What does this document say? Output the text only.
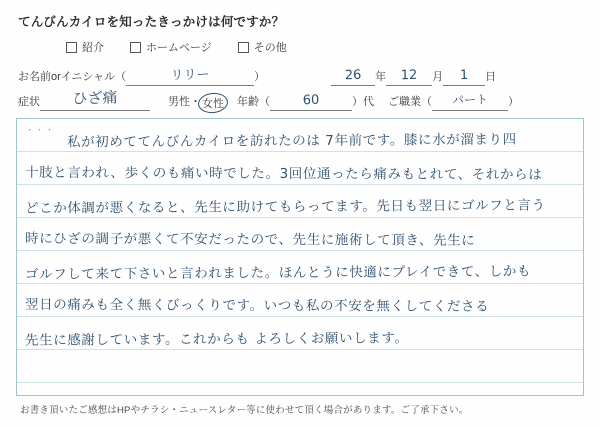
てんびんカイロを知ったきっかけは何ですか？
紹介	ホームページ	その他
お名前orイニシャル（	リリー	）	26 年 12 月 1 日
症状 ひざ痛	男性・ 女性 年齢（	60	）代 ご職業（ パート ）
・・・
私が初めててんびんカイロを訪れたのは 7年前です。膝に水が溜まり四
十肢と言われ、歩くのも痛い時でした。3回位通ったら痛みもとれて、それからは
どこか体調が悪くなると、先生に助けてもらってます。先日も翌日にゴルフと言う
時にひざの調子が悪くて不安だったので、先生に施術して頂き、先生に
ゴルフして来て下さいと言われました。ほんとうに快適にプレイできて、しかも
翌日の痛みも全く無くびっくりです。いつも私の不安を無くしてくださる
先生に感謝しています。これからも よろしくお願いします。
お書き頂いたご感想はHPやチラシ・ニュースレター等に使わせて頂く場合があります。ご了承下さい。
